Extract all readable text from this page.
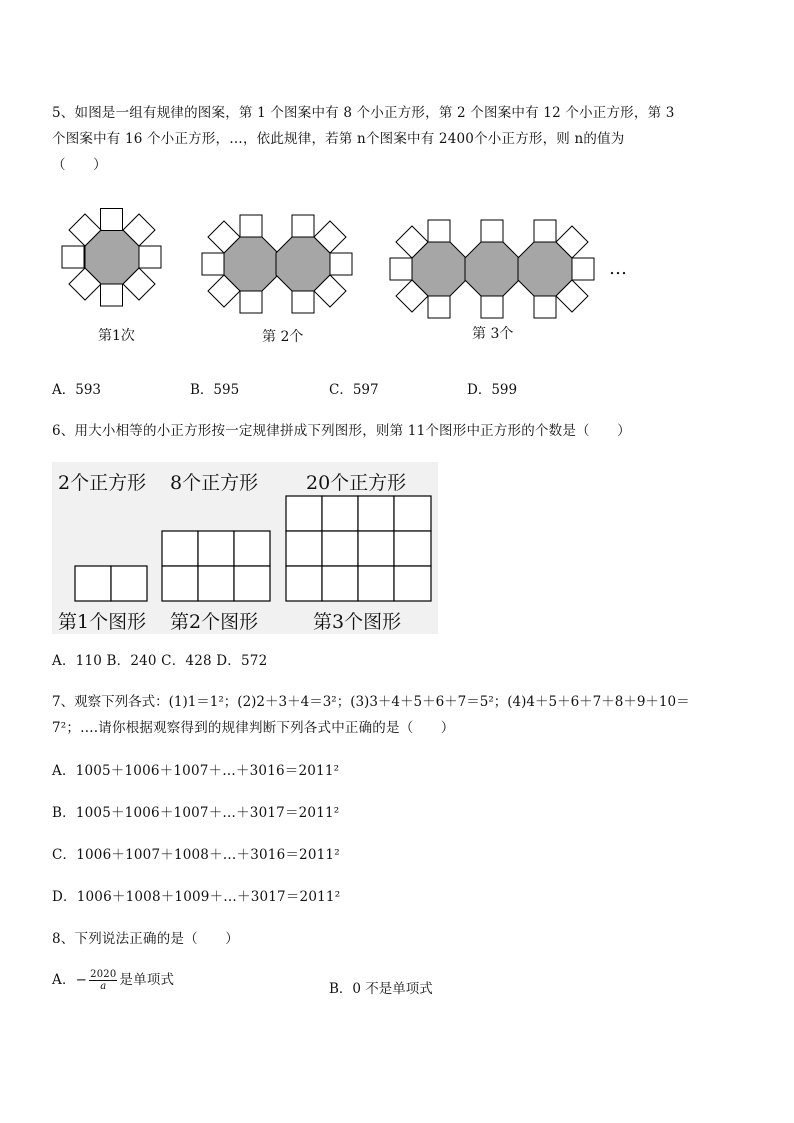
5、如图是一组有规律的图案，第 1 个图案中有 8 个小正方形，第 2 个图案中有 12 个小正方形，第 3
个图案中有 16 个小正方形，…，依此规律，若第 n个图案中有 2400个小正方形，则 n的值为
（　　）
…
第1次	第 2个	第 3个
A．593	B．595	C．597	D．599
6、用大小相等的小正方形按一定规律拼成下列图形，则第 11个图形中正方形的个数是（　　）
2个正方形 8个正方形	20个正方形
第1个图形 第2个图形	第3个图形
A．110 B．240 C．428 D．572
7、观察下列各式：(1)1＝1²；(2)2＋3＋4＝3²；(3)3＋4＋5＋6＋7＝5²；(4)4＋5＋6＋7＋8＋9＋10＝
7²；….请你根据观察得到的规律判断下列各式中正确的是（　　）
A．1005＋1006＋1007＋…＋3016＝2011²
B．1005＋1006＋1007＋…＋3017＝2011²
C．1006＋1007＋1008＋…＋3016＝2011²
D．1006＋1008＋1009＋…＋3017＝2011²
8、下列说法正确的是（　　）
A．− $\frac{2020}{a}$ 是单项式
B．0 不是单项式
